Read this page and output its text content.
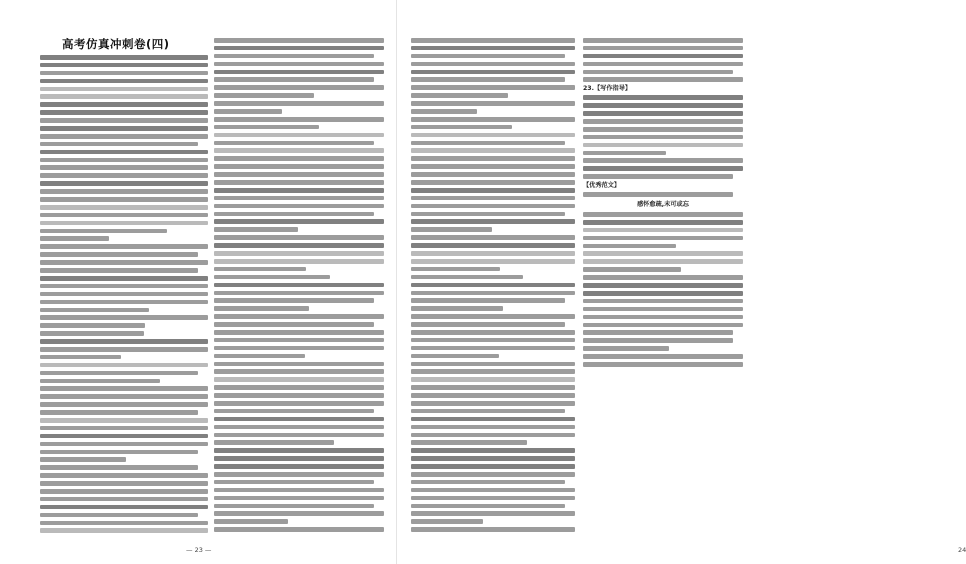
高考仿真冲刺卷(四)
— 23 —
23.【写作指导】
【优秀范文】
感怀愈疏,未可或忘
24
